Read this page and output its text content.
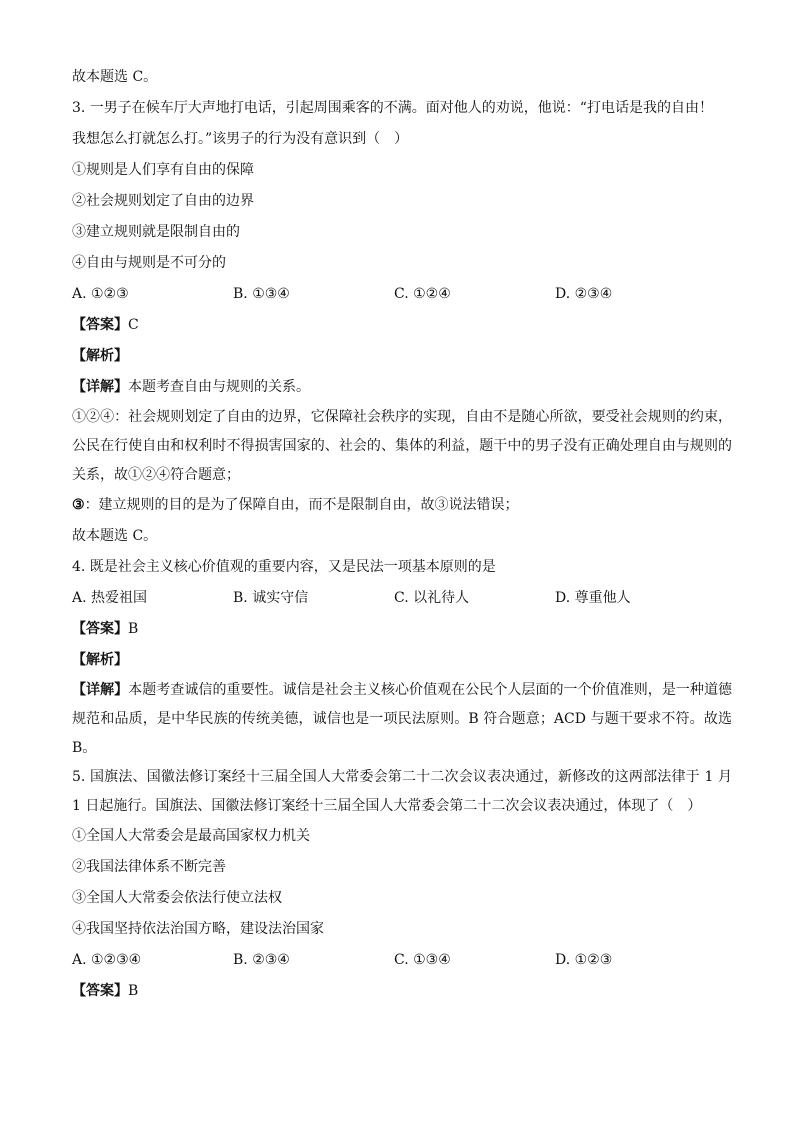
故本题选 C。
3. 一男子在候车厅大声地打电话，引起周围乘客的不满。面对他人的劝说，他说：“打电话是我的自由！
我想怎么打就怎么打。”该男子的行为没有意识到（　）
①规则是人们享有自由的保障
②社会规则划定了自由的边界
③建立规则就是限制自由的
④自由与规则是不可分的
A. ①②③	B. ①③④	C. ①②④	D. ②③④
【答案】C
【解析】
【详解】本题考查自由与规则的关系。
①②④：社会规则划定了自由的边界，它保障社会秩序的实现，自由不是随心所欲，要受社会规则的约束，公民在行使自由和权利时不得损害国家的、社会的、集体的利益，题干中的男子没有正确处理自由与规则的关系，故①②④符合题意；
③：建立规则的目的是为了保障自由，而不是限制自由，故③说法错误；
故本题选 C。
4. 既是社会主义核心价值观的重要内容，又是民法一项基本原则的是
A. 热爱祖国	B. 诚实守信	C. 以礼待人	D. 尊重他人
【答案】B
【解析】
【详解】本题考查诚信的重要性。诚信是社会主义核心价值观在公民个人层面的一个价值准则，是一种道德规范和品质，是中华民族的传统美德，诚信也是一项民法原则。B 符合题意；ACD 与题干要求不符。故选 B。
5. 国旗法、国徽法修订案经十三届全国人大常委会第二十二次会议表决通过，新修改的这两部法律于 1 月 1 日起施行。国旗法、国徽法修订案经十三届全国人大常委会第二十二次会议表决通过，体现了（　）
①全国人大常委会是最高国家权力机关
②我国法律体系不断完善
③全国人大常委会依法行使立法权
④我国坚持依法治国方略，建设法治国家
A. ①②③④	B. ②③④	C. ①③④	D. ①②③
【答案】B
